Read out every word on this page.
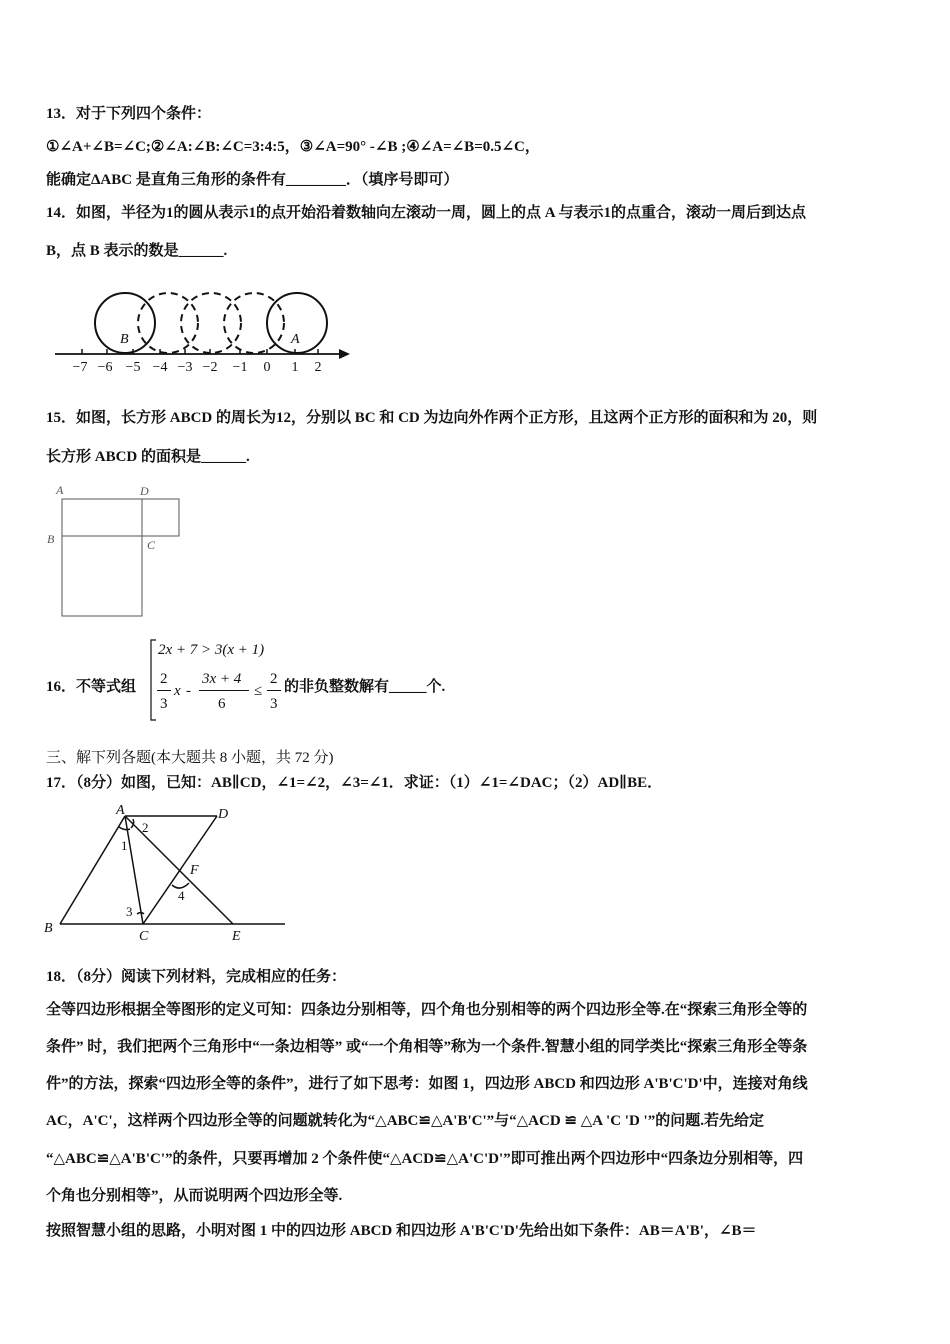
13．对于下列四个条件：
①∠A+∠B=∠C;②∠A:∠B:∠C=3:4:5，③∠A=90° -∠B ;④∠A=∠B=0.5∠C，
能确定ΔABC 是直角三角形的条件有________．（填序号即可）
14．如图，半径为1的圆从表示1的点开始沿着数轴向左滚动一周，圆上的点 A 与表示1的点重合，滚动一周后到达点
B，点 B 表示的数是______.
B	A
−7 −6 −5 −4 −3 −2 −1 0 1 2
15．如图，长方形 ABCD 的周长为12，分别以 BC 和 CD 为边向外作两个正方形，且这两个正方形的面积和为 20，则
长方形 ABCD 的面积是______.
A	D
B	C
16．不等式组
2x + 7 > 3(x + 1)
2
3
x -
3x + 4
6
≤
2
3
的非负整数解有_____个.
三、解下列各题(本大题共 8 小题，共 72 分)
17．（8分）如图，已知：AB∥CD，∠1=∠2，∠3=∠1．求证：（1）∠1=∠DAC；（2）AD∥BE．
A	D
B
C	E
F
1
2
3
4
18．（8分）阅读下列材料，完成相应的任务：
全等四边形根据全等图形的定义可知：四条边分别相等，四个角也分别相等的两个四边形全等.在“探索三角形全等的
条件” 时，我们把两个三角形中“一条边相等” 或“一个角相等”称为一个条件.智慧小组的同学类比“探索三角形全等条
件”的方法，探索“四边形全等的条件”，进行了如下思考：如图 1，四边形 ABCD 和四边形 A'B'C'D'中，连接对角线
AC，A'C'，这样两个四边形全等的问题就转化为“△ABC≌△A'B'C'”与“△ACD ≌ △A 'C 'D '”的问题.若先给定
“△ABC≌△A'B'C'”的条件，只要再增加 2 个条件使“△ACD≌△A'C'D'”即可推出两个四边形中“四条边分别相等，四
个角也分别相等”，从而说明两个四边形全等.
按照智慧小组的思路，小明对图 1 中的四边形 ABCD 和四边形 A'B'C'D'先给出如下条件：AB＝A'B'，∠B＝
